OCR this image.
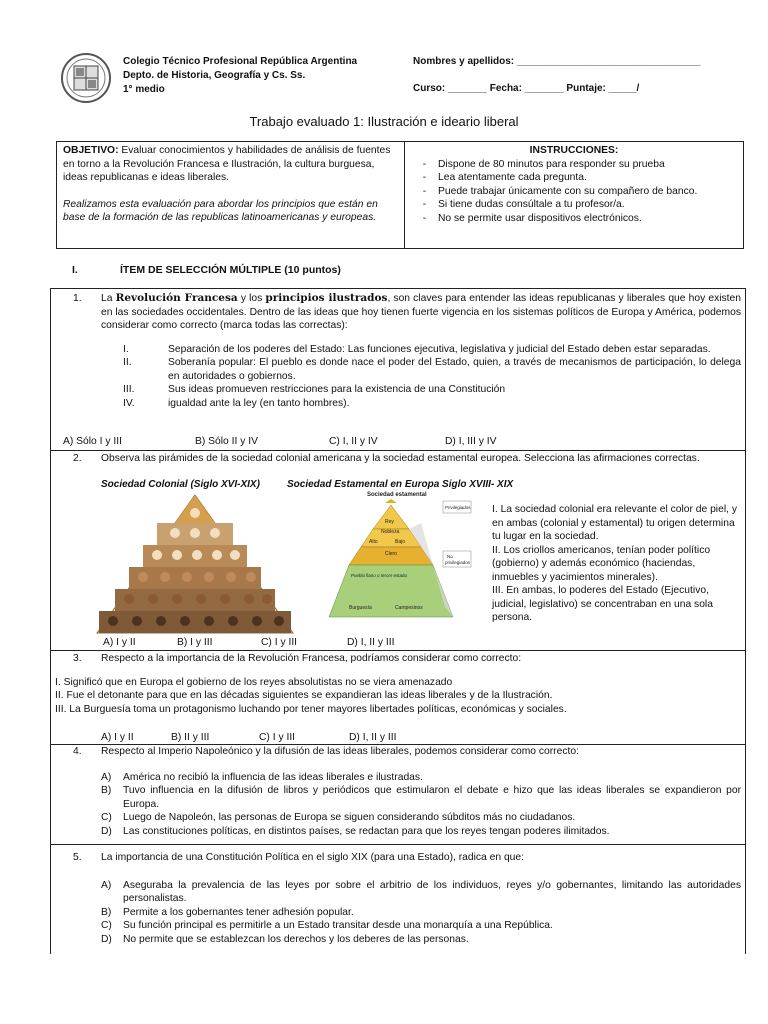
Colegio Técnico Profesional República Argentina
Depto. de Historia, Geografía y Cs. Ss.
1° medio
Nombres y apellidos: _________________________________
Curso: _______ Fecha: _______ Puntaje: _____/
Trabajo evaluado 1: Ilustración e ideario liberal
OBJETIVO: Evaluar conocimientos y habilidades de análisis de fuentes en torno a la Revolución Francesa e Ilustración, la cultura burguesa, ideas republicanas e ideas liberales.
Realizamos esta evaluación para abordar los principios que están en base de la formación de las republicas latinoamericanas y europeas.
INSTRUCCIONES:
-	Dispone de 80 minutos para responder su prueba
-	Lea atentamente cada pregunta.
-	Puede trabajar únicamente con su compañero de banco.
-	Si tiene dudas consúltale a tu profesor/a.
-	No se permite usar dispositivos electrónicos.
I.	ÍTEM DE SELECCIÓN MÚLTIPLE (10 puntos)
1.	La Revolución Francesa y los principios ilustrados, son claves para entender las ideas republicanas y liberales que hoy existen en las sociedades occidentales. Dentro de las ideas que hoy tienen fuerte vigencia en los sistemas políticos de Europa y América, podemos considerar como correcto (marca todas las correctas):
I.	Separación de los poderes del Estado: Las funciones ejecutiva, legislativa y judicial del Estado deben estar separadas.
II.	Soberanía popular: El pueblo es donde nace el poder del Estado, quien, a través de mecanismos de participación, lo delega en autoridades o gobiernos.
III.	Sus ideas promueven restricciones para la existencia de una Constitución
IV.	igualdad ante la ley (en tanto hombres).
A) Sólo I y III	B) Sólo II y IV	C) I, II y IV	D) I, III y IV
2.	Observa las pirámides de la sociedad colonial americana y la sociedad estamental europea. Selecciona las afirmaciones correctas.
Sociedad Colonial (Siglo XVI-XIX)	Sociedad Estamental en Europa Siglo XVIII- XIX
Sociedad estamental
Rey
Nobleza
Alto	Bajo
Clero
Pueblo llano o tercer estado
Burguesía	Campesinos
Privilegiados
No
privilegiados
I. La sociedad colonial era relevante el color de piel, y en ambas (colonial y estamental) tu origen determina tu lugar en la sociedad.
II. Los criollos americanos, tenían poder político (gobierno) y además económico (haciendas, inmuebles y yacimientos minerales).
III. En ambas, lo poderes del Estado (Ejecutivo, judicial, legislativo) se concentraban en una sola persona.
A) I y II	B) I y III	C) I y III	D) I, II y III
3.	Respecto a la importancia de la Revolución Francesa, podríamos considerar como correcto:
I. Significó que en Europa el gobierno de los reyes absolutistas no se viera amenazado
II. Fue el detonante para que en las décadas siguientes se expandieran las ideas liberales y de la Ilustración.
III. La Burguesía toma un protagonismo luchando por tener mayores libertades políticas, económicas y sociales.
A) I y II	B) II y III	C) I y III	D) I, II y III
4.	Respecto al Imperio Napoleónico y la difusión de las ideas liberales, podemos considerar como correcto:
A)	América no recibió la influencia de las ideas liberales e ilustradas.
B)	Tuvo influencia en la difusión de libros y periódicos que estimularon el debate e hizo que las ideas liberales se expandieron por Europa.
C)	Luego de Napoleón, las personas de Europa se siguen considerando súbditos más no ciudadanos.
D)	Las constituciones políticas, en distintos países, se redactan para que los reyes tengan poderes ilimitados.
5.	La importancia de una Constitución Política en el siglo XIX (para una Estado), radica en que:
A)	Aseguraba la prevalencia de las leyes por sobre el arbitrio de los individuos, reyes y/o gobernantes, limitando las autoridades personalistas.
B)	Permite a los gobernantes tener adhesión popular.
C)	Su función principal es permitirle a un Estado transitar desde una monarquía a una República.
D)	No permite que se establezcan los derechos y los deberes de las personas.
